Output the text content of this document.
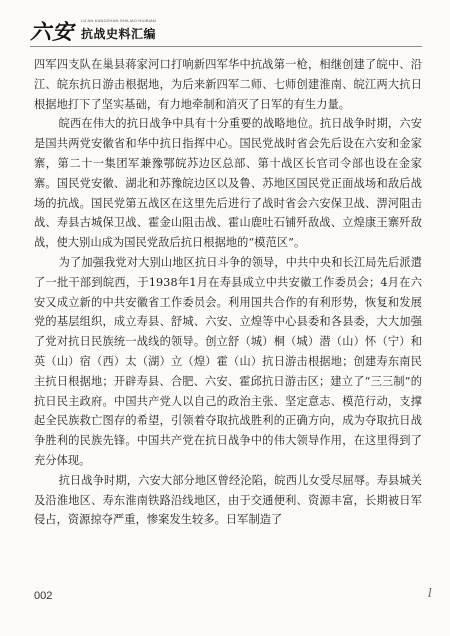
六安 LU'AN KANGZHAN SHILIAO HUIBIAN
抗战史料汇编

四军四支队在巢县蒋家河口打响新四军华中抗战第一枪，相继创建了皖中、沿江、皖东抗日游击根据地，为后来新四军二师、七师创建淮南、皖江两大抗日根据地打下了坚实基础，有力地牵制和消灭了日军的有生力量。

皖西在伟大的抗日战争中具有十分重要的战略地位。抗日战争时期，六安是国共两党安徽省和华中抗日指挥中心。国民党战时省会先后设在六安和金家寨，第二十一集团军兼豫鄂皖苏边区总部、第十战区长官司令部也设在金家寨。国民党安徽、湖北和苏豫皖边区以及鲁、苏地区国民党正面战场和敌后战场的抗战。国民党第五战区在这里先后进行了战时省会六安保卫战、淠河阻击战、寿县古城保卫战、霍金山阻击战、霍山鹿吐石铺歼敌战、立煌康王寨歼敌战，使大别山成为国民党敌后抗日根据地的“模范区”。

为了加强我党对大别山地区抗日斗争的领导，中共中央和长江局先后派遣了一批干部到皖西，于1938年1月在寿县成立中共安徽工作委员会；4月在六安又成立新的中共安徽省工作委员会。利用国共合作的有利形势，恢复和发展党的基层组织，成立寿县、舒城、六安、立煌等中心县委和各县委，大大加强了党对抗日民族统一战线的领导。创立舒（城）桐（城）潜（山）怀（宁）和英（山）宿（西）太（湖）立（煌）霍（山）抗日游击根据地；创建寿东南民主抗日根据地；开辟寿县、合肥、六安、霍邱抗日游击区；建立了“三三制”的抗日民主政府。中国共产党人以自己的政治主张、坚定意志、模范行动，支撑起全民族救亡图存的希望，引领着夺取抗战胜利的正确方向，成为夺取抗日战争胜利的民族先锋。中国共产党在抗日战争中的伟大领导作用，在这里得到了充分体现。

抗日战争时期，六安大部分地区曾经沦陷，皖西儿女受尽屈辱。寿县城关及沿淮地区、寿东淮南铁路沿线地区，由于交通便利、资源丰富，长期被日军侵占，资源掠夺严重，惨案发生较多。日军制造了

002	l
